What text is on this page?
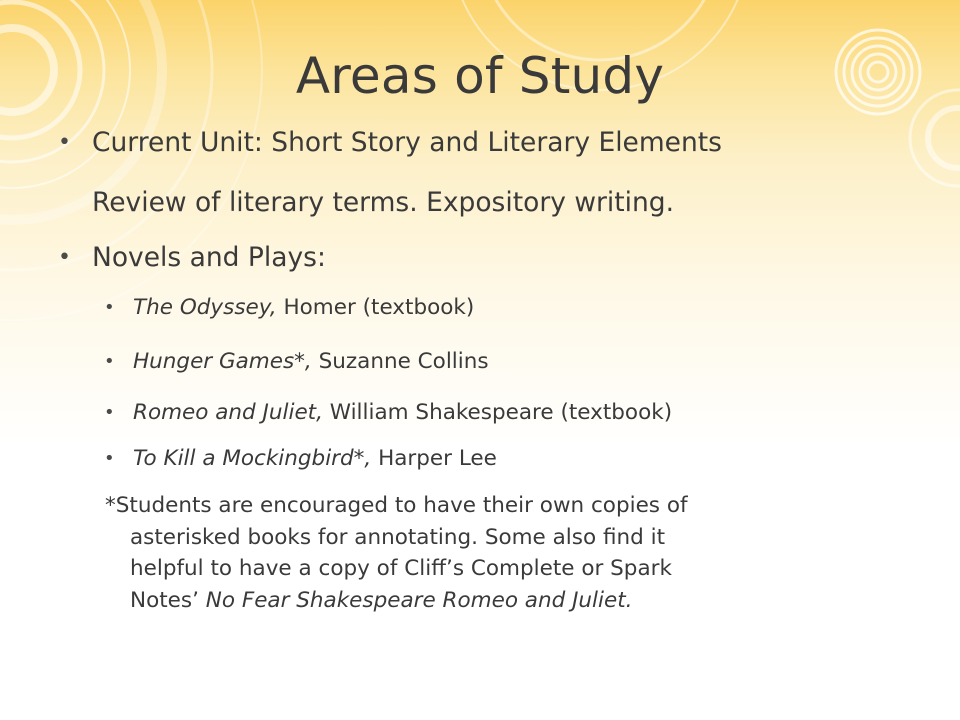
Areas of Study
• Current Unit: Short Story and Literary Elements
Review of literary terms. Expository writing.
• Novels and Plays:
• The Odyssey, Homer (textbook)
• Hunger Games*, Suzanne Collins
• Romeo and Juliet, William Shakespeare (textbook)
• To Kill a Mockingbird*, Harper Lee
*Students are encouraged to have their own copies of
asterisked books for annotating. Some also find it
helpful to have a copy of Cliff’s Complete or Spark
Notes’ No Fear Shakespeare Romeo and Juliet.
